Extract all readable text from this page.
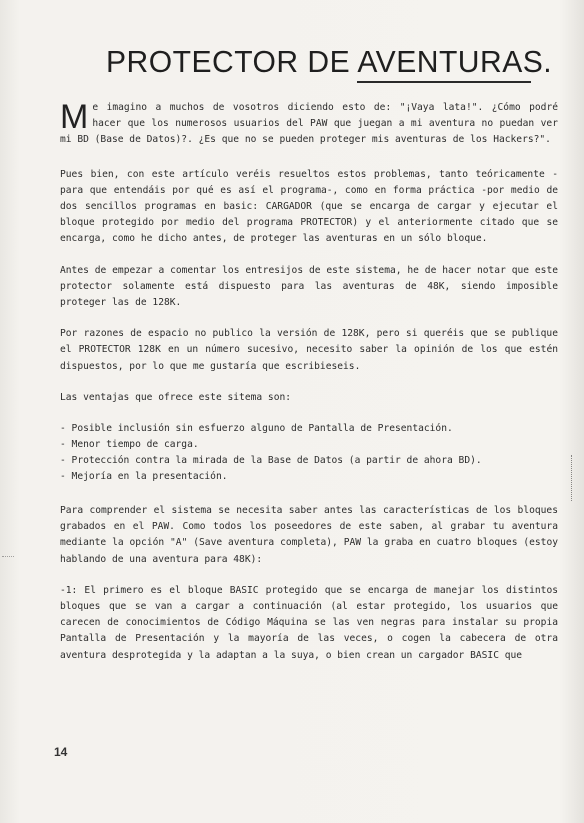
PROTECTOR DE AVENTURAS.

M e imagino a muchos de vosotros diciendo esto de: "¡Vaya lata!". ¿Cómo podré hacer que los numerosos usuarios del PAW que juegan a mi aventura no puedan ver mi BD (Base de Datos)?. ¿Es que no se pueden proteger mis aventuras de los Hackers?".

Pues bien, con este artículo veréis resueltos estos problemas, tanto teóricamente -para que entendáis por qué es así el programa-, como en forma práctica -por medio de dos sencillos programas en basic: CARGADOR (que se encarga de cargar y ejecutar el bloque protegido por medio del programa PROTECTOR) y el anteriormente citado que se encarga, como he dicho antes, de proteger las aventuras en un sólo bloque.

Antes de empezar a comentar los entresijos de este sistema, he de hacer notar que este protector solamente está dispuesto para las aventuras de 48K, siendo imposible proteger las de 128K.

Por razones de espacio no publico la versión de 128K, pero si queréis que se publique el PROTECTOR 128K en un número sucesivo, necesito saber la opinión de los que estén dispuestos, por lo que me gustaría que escribieseis.

Las ventajas que ofrece este sitema son:

- Posible inclusión sin esfuerzo alguno de Pantalla de Presentación.
- Menor tiempo de carga.
- Protección contra la mirada de la Base de Datos (a partir de ahora BD).
- Mejoría en la presentación.

Para comprender el sistema se necesita saber antes las características de los bloques grabados en el PAW. Como todos los poseedores de este saben, al grabar tu aventura mediante la opción "A" (Save aventura completa), PAW la graba en cuatro bloques (estoy hablando de una aventura para 48K):

-1: El primero es el bloque BASIC protegido que se encarga de manejar los distintos bloques que se van a cargar a continuación (al estar protegido, los usuarios que carecen de conocimientos de Código Máquina se las ven negras para instalar su propia Pantalla de Presentación y la mayoría de las veces, o cogen la cabecera de otra aventura desprotegida y la adaptan a la suya, o bien crean un cargador BASIC que

14
